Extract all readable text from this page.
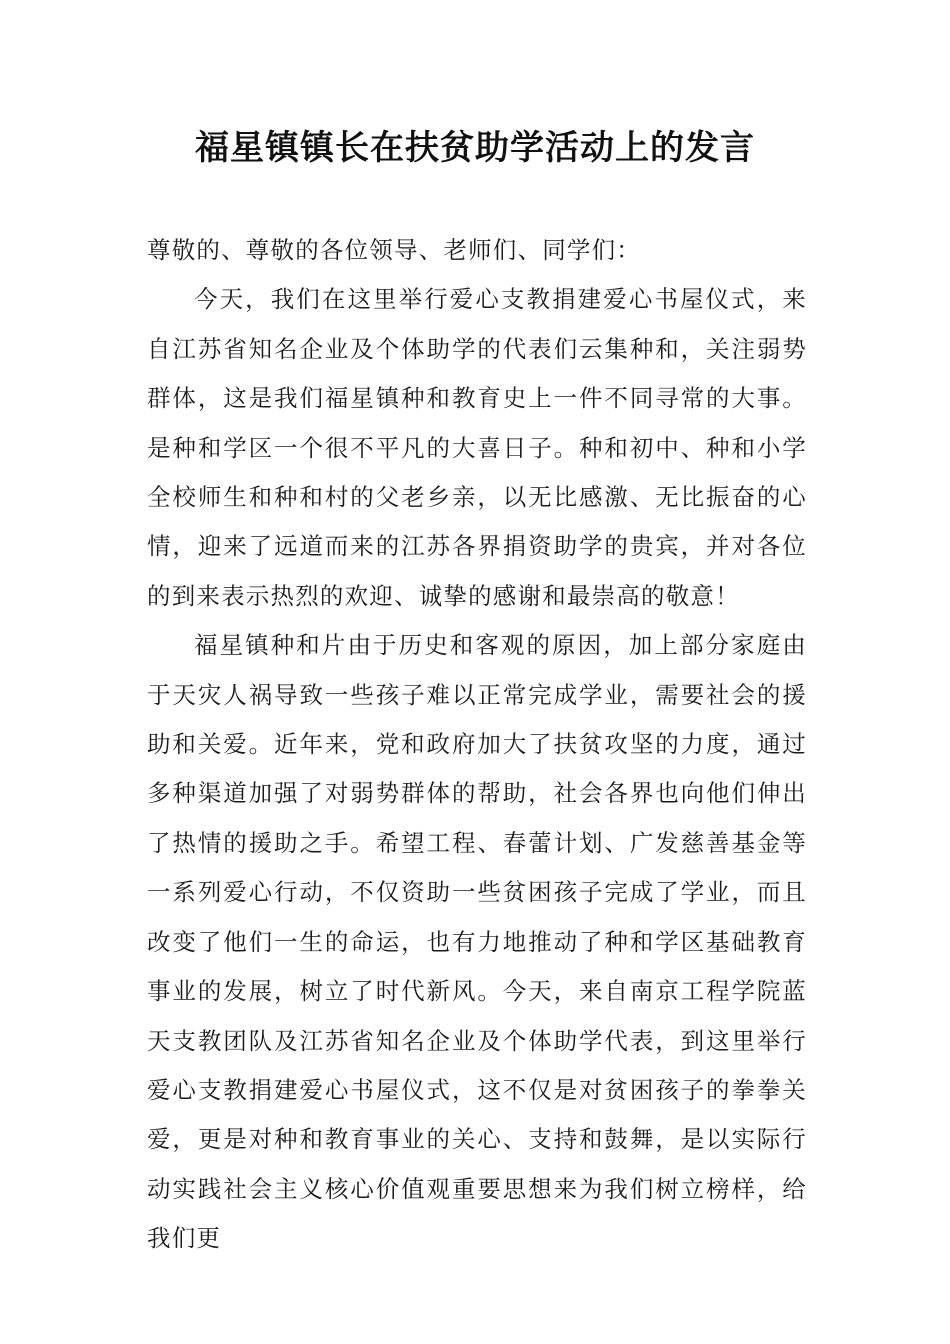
福星镇镇长在扶贫助学活动上的发言

尊敬的、尊敬的各位领导、老师们、同学们：

今天，我们在这里举行爱心支教捐建爱心书屋仪式，来自江苏省知名企业及个体助学的代表们云集种和，关注弱势群体，这是我们福星镇种和教育史上一件不同寻常的大事。是种和学区一个很不平凡的大喜日子。种和初中、种和小学全校师生和种和村的父老乡亲，以无比感激、无比振奋的心情，迎来了远道而来的江苏各界捐资助学的贵宾，并对各位的到来表示热烈的欢迎、诚挚的感谢和最崇高的敬意！

福星镇种和片由于历史和客观的原因，加上部分家庭由于天灾人祸导致一些孩子难以正常完成学业，需要社会的援助和关爱。近年来，党和政府加大了扶贫攻坚的力度，通过多种渠道加强了对弱势群体的帮助，社会各界也向他们伸出了热情的援助之手。希望工程、春蕾计划、广发慈善基金等一系列爱心行动，不仅资助一些贫困孩子完成了学业，而且改变了他们一生的命运，也有力地推动了种和学区基础教育事业的发展，树立了时代新风。今天，来自南京工程学院蓝天支教团队及江苏省知名企业及个体助学代表，到这里举行爱心支教捐建爱心书屋仪式，这不仅是对贫困孩子的拳拳关爱，更是对种和教育事业的关心、支持和鼓舞，是以实际行动实践社会主义核心价值观重要思想来为我们树立榜样，给我们更
